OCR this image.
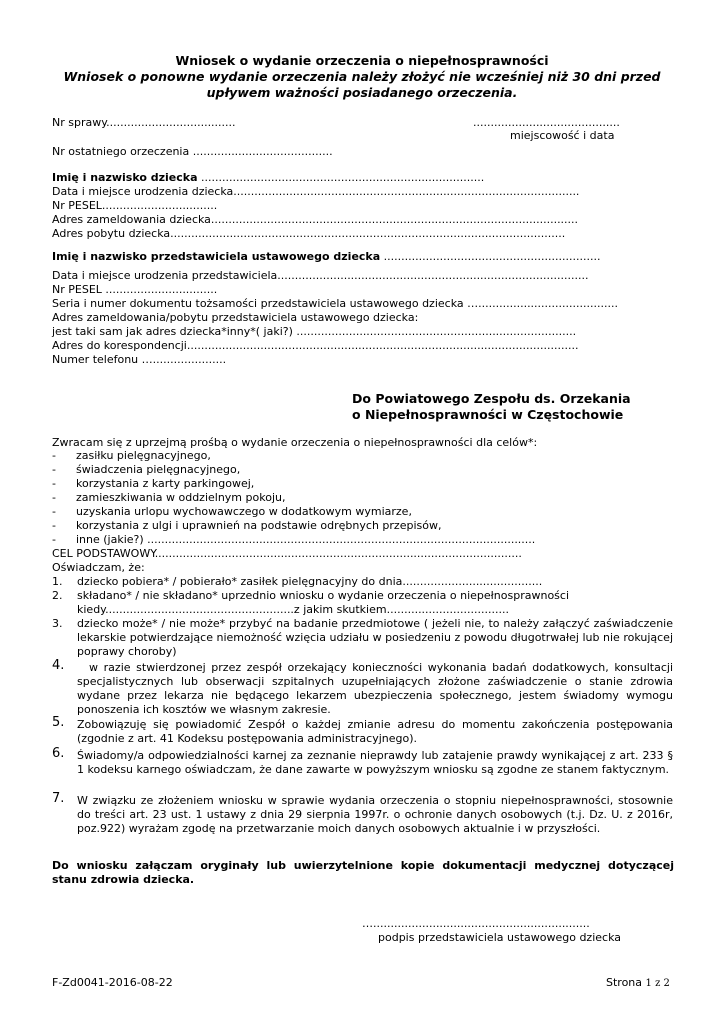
Wniosek o wydanie orzeczenia o niepełnosprawności
Wniosek o ponowne wydanie orzeczenia należy złożyć nie wcześniej niż 30 dni przed
upływem ważności posiadanego orzeczenia.
Nr sprawy.....................................	..........................................
miejscowość i data
Nr ostatniego orzeczenia ........................................
Imię i nazwisko dziecka .................................................................................
Data i miejsce urodzenia dziecka...................................................................................................
Nr PESEL.................................
Adres zameldowania dziecka.........................................................................................................
Adres pobytu dziecka.................................................................................................................
Imię i nazwisko przedstawiciela ustawowego dziecka ..............................................................
Data i miejsce urodzenia przedstawiciela.........................................................................................
Nr PESEL ................................
Seria i numer dokumentu tożsamości przedstawiciela ustawowego dziecka …........................................
Adres zameldowania/pobytu przedstawiciela ustawowego dziecka:
jest taki sam jak adres dziecka*inny*( jaki?) ................................................................................
Adres do korespondencji................................................................................................................
Numer telefonu ….....................
Do Powiatowego Zespołu ds. Orzekania
o Niepełnosprawności w Częstochowie
Zwracam się z uprzejmą prośbą o wydanie orzeczenia o niepełnosprawności dla celów*:
- zasiłku pielęgnacyjnego,
- świadczenia pielęgnacyjnego,
- korzystania z karty parkingowej,
- zamieszkiwania w oddzielnym pokoju,
- uzyskania urlopu wychowawczego w dodatkowym wymiarze,
- korzystania z ulgi i uprawnień na podstawie odrębnych przepisów,
- inne (jakie?) ...............................................................................................................
CEL PODSTAWOWY.........................................................................................................
Oświadczam, że:
1. dziecko pobiera* / pobierało* zasiłek pielęgnacyjny do dnia........................................
2. składano* / nie składano* uprzednio wniosku o wydanie orzeczenia o niepełnosprawności
kiedy......................................................z jakim skutkiem...................................
3. dziecko może* / nie może* przybyć na badanie przedmiotowe ( jeżeli nie, to należy załączyć zaświadczenie lekarskie potwierdzające niemożność wzięcia udziału w posiedzeniu z powodu długotrwałej lub nie rokującej poprawy choroby)
4.	w razie stwierdzonej przez zespół orzekający konieczności wykonania badań dodatkowych, konsultacji specjalistycznych lub obserwacji szpitalnych uzupełniających złożone zaświadczenie o stanie zdrowia wydane przez lekarza nie będącego lekarzem ubezpieczenia społecznego, jestem świadomy wymogu ponoszenia ich kosztów we własnym zakresie.
5. Zobowiązuję się powiadomić Zespół o każdej zmianie adresu do momentu zakończenia postępowania (zgodnie z art. 41 Kodeksu postępowania administracyjnego).
6. Świadomy/a odpowiedzialności karnej za zeznanie nieprawdy lub zatajenie prawdy wynikającej z art. 233 § 1 kodeksu karnego oświadczam, że dane zawarte w powyższym wniosku są zgodne ze stanem faktycznym.
7. W związku ze złożeniem wniosku w sprawie wydania orzeczenia o stopniu niepełnosprawności, stosownie do treści art. 23 ust. 1 ustawy z dnia 29 sierpnia 1997r. o ochronie danych osobowych (t.j. Dz. U. z 2016r, poz.922) wyrażam zgodę na przetwarzanie moich danych osobowych aktualnie i w przyszłości.
Do wniosku załączam oryginały lub uwierzytelnione kopie dokumentacji medycznej dotyczącej stanu zdrowia dziecka.
…..............................................................
podpis przedstawiciela ustawowego dziecka
F-Zd0041-2016-08-22	Strona 1 z 2
